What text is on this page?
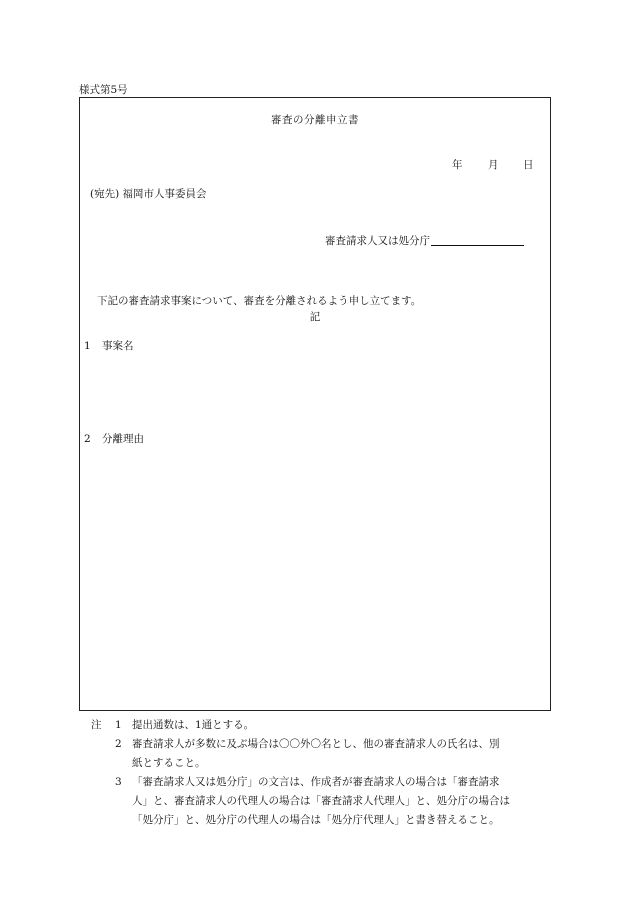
様式第5号
審査の分離申立書
年 月 日
(宛先) 福岡市人事委員会
審査請求人又は処分庁
下記の審査請求事案について、審査を分離されるよう申し立てます。
記
1 事案名
2 分離理由
注 1 提出通数は、1通とする。
2 審査請求人が多数に及ぶ場合は〇〇外〇名とし、他の審査請求人の氏名は、別
紙とすること。
3 「審査請求人又は処分庁」の文言は、作成者が審査請求人の場合は「審査請求
人」と、審査請求人の代理人の場合は「審査請求人代理人」と、処分庁の場合は
「処分庁」と、処分庁の代理人の場合は「処分庁代理人」と書き替えること。
